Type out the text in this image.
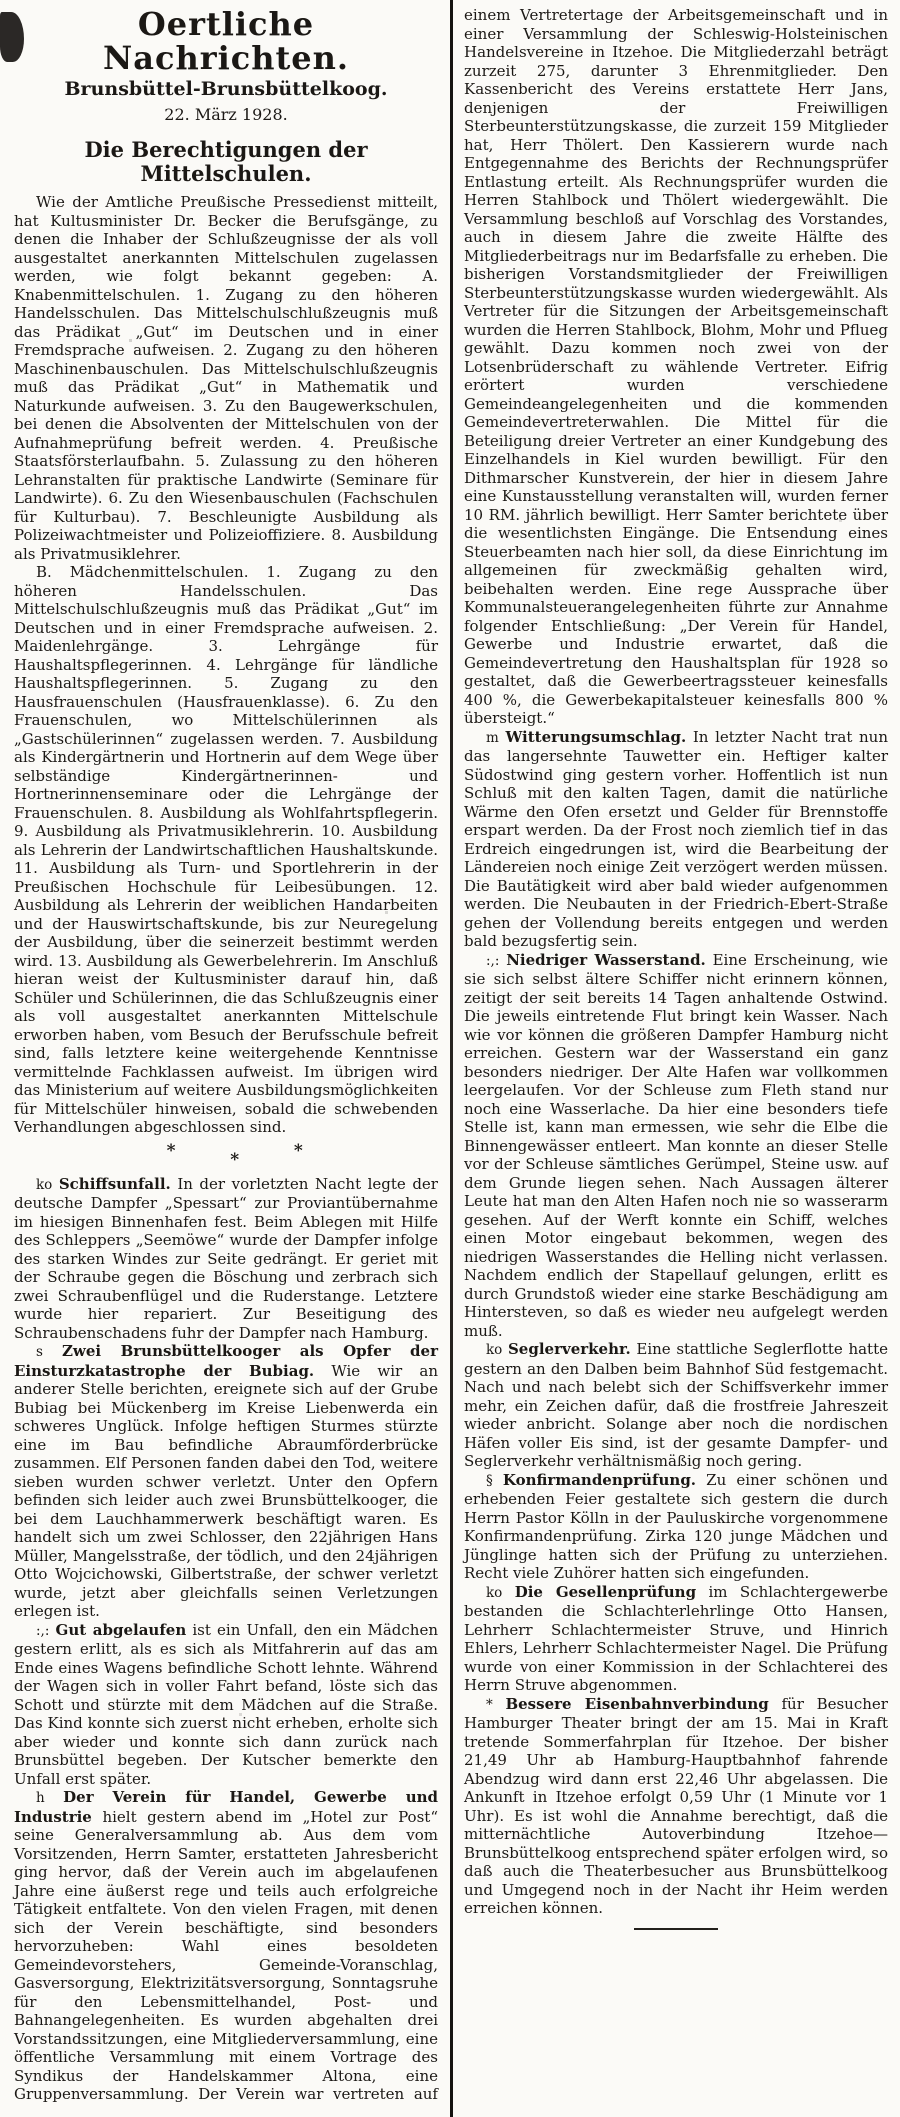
Oertliche Nachrichten.
Brunsbüttel-Brunsbüttelkoog.
22. März 1928.
Die Berechtigungen der Mittelschulen.

Wie der Amtliche Preußische Pressedienst mitteilt, hat Kultusminister Dr. Becker die Berufsgänge, zu denen die Inhaber der Schlußzeugnisse der als voll ausgestaltet anerkannten Mittelschulen zugelassen werden, wie folgt bekannt gegeben: A. Knabenmittelschulen. 1. Zugang zu den höheren Handelsschulen. Das Mittelschulschlußzeugnis muß das Prädikat „Gut“ im Deutschen und in einer Fremdsprache aufweisen. 2. Zugang zu den höheren Maschinenbauschulen. Das Mittelschulschlußzeugnis muß das Prädikat „Gut“ in Mathematik und Naturkunde aufweisen. 3. Zu den Baugewerkschulen, bei denen die Absolventen der Mittelschulen von der Aufnahmeprüfung befreit werden. 4. Preußische Staatsförsterlaufbahn. 5. Zulassung zu den höheren Lehranstalten für praktische Landwirte (Seminare für Landwirte). 6. Zu den Wiesenbauschulen (Fachschulen für Kulturbau). 7. Beschleunigte Ausbildung als Polizeiwachtmeister und Polizeioffiziere. 8. Ausbildung als Privatmusiklehrer.

B. Mädchenmittelschulen. 1. Zugang zu den höheren Handelsschulen. Das Mittelschulschlußzeugnis muß das Prädikat „Gut“ im Deutschen und in einer Fremdsprache aufweisen. 2. Maidenlehrgänge. 3. Lehrgänge für Haushaltspflegerinnen. 4. Lehrgänge für ländliche Haushaltspflegerinnen. 5. Zugang zu den Hausfrauenschulen (Hausfrauenklasse). 6. Zu den Frauenschulen, wo Mittelschülerinnen als „Gastschülerinnen“ zugelassen werden. 7. Ausbildung als Kindergärtnerin und Hortnerin auf dem Wege über selbständige Kindergärtnerinnen- und Hortnerinnenseminare oder die Lehrgänge der Frauenschulen. 8. Ausbildung als Wohlfahrtspflegerin. 9. Ausbildung als Privatmusiklehrerin. 10. Ausbildung als Lehrerin der Landwirtschaftlichen Haushaltskunde. 11. Ausbildung als Turn- und Sportlehrerin in der Preußischen Hochschule für Leibesübungen. 12. Ausbildung als Lehrerin der weiblichen Handarbeiten und der Hauswirtschaftskunde, bis zur Neuregelung der Ausbildung, über die seinerzeit bestimmt werden wird. 13. Ausbildung als Gewerbelehrerin. Im Anschluß hieran weist der Kultusminister darauf hin, daß Schüler und Schülerinnen, die das Schlußzeugnis einer als voll ausgestaltet anerkannten Mittelschule erworben haben, vom Besuch der Berufsschule befreit sind, falls letztere keine weitergehende Kenntnisse vermittelnde Fachklassen aufweist. Im übrigen wird das Ministerium auf weitere Ausbildungsmöglichkeiten für Mittelschüler hinweisen, sobald die schwebenden Verhandlungen abgeschlossen sind.

*	*	*

ko Schiffsunfall. In der vorletzten Nacht legte der deutsche Dampfer „Spessart“ zur Proviantübernahme im hiesigen Binnenhafen fest. Beim Ablegen mit Hilfe des Schleppers „Seemöwe“ wurde der Dampfer infolge des starken Windes zur Seite gedrängt. Er geriet mit der Schraube gegen die Böschung und zerbrach sich zwei Schraubenflügel und die Ruderstange. Letztere wurde hier repariert. Zur Beseitigung des Schraubenschadens fuhr der Dampfer nach Hamburg.

s Zwei Brunsbüttelkooger als Opfer der Einsturzkatastrophe der Bubiag. Wie wir an anderer Stelle berichten, ereignete sich auf der Grube Bubiag bei Mückenberg im Kreise Liebenwerda ein schweres Unglück. Infolge heftigen Sturmes stürzte eine im Bau befindliche Abraumförderbrücke zusammen. Elf Personen fanden dabei den Tod, weitere sieben wurden schwer verletzt. Unter den Opfern befinden sich leider auch zwei Brunsbüttelkooger, die bei dem Lauchhammerwerk beschäftigt waren. Es handelt sich um zwei Schlosser, den 22jährigen Hans Müller, Mangelsstraße, der tödlich, und den 24jährigen Otto Wojcichowski, Gilbertstraße, der schwer verletzt wurde, jetzt aber gleichfalls seinen Verletzungen erlegen ist.

:,: Gut abgelaufen ist ein Unfall, den ein Mädchen gestern erlitt, als es sich als Mitfahrerin auf das am Ende eines Wagens befindliche Schott lehnte. Während der Wagen sich in voller Fahrt befand, löste sich das Schott und stürzte mit dem Mädchen auf die Straße. Das Kind konnte sich zuerst nicht erheben, erholte sich aber wieder und konnte sich dann zurück nach Brunsbüttel begeben. Der Kutscher bemerkte den Unfall erst später.

h Der Verein für Handel, Gewerbe und Industrie hielt gestern abend im „Hotel zur Post“ seine Generalversammlung ab. Aus dem vom Vorsitzenden, Herrn Samter, erstatteten Jahresbericht ging hervor, daß der Verein auch im abgelaufenen Jahre eine äußerst rege und teils auch erfolgreiche Tätigkeit entfaltete. Von den vielen Fragen, mit denen sich der Verein beschäftigte, sind besonders hervorzuheben: Wahl eines besoldeten Gemeindevorstehers, Gemeinde-Voranschlag, Gasversorgung, Elektrizitätsversorgung, Sonntagsruhe für den Lebensmittelhandel, Post- und Bahnangelegenheiten. Es wurden abgehalten drei Vorstandssitzungen, eine Mitgliederversammlung, eine öffentliche Versammlung mit einem Vortrage des Syndikus der Handelskammer Altona, eine Gruppenversammlung. Der Verein war vertreten auf einem Vertretertage der Arbeitsgemeinschaft und in einer Versammlung der Schleswig-Holsteinischen Handelsvereine in Itzehoe. Die Mitgliederzahl beträgt zurzeit 275, darunter 3 Ehrenmitglieder. Den Kassenbericht des Vereins erstattete Herr Jans, denjenigen der Freiwilligen Sterbeunterstützungskasse, die zurzeit 159 Mitglieder hat, Herr Thölert. Den Kassierern wurde nach Entgegennahme des Berichts der Rechnungsprüfer Entlastung erteilt. Als Rechnungsprüfer wurden die Herren Stahlbock und Thölert wiedergewählt. Die Versammlung beschloß auf Vorschlag des Vorstandes, auch in diesem Jahre die zweite Hälfte des Mitgliederbeitrags nur im Bedarfsfalle zu erheben. Die bisherigen Vorstandsmitglieder der Freiwilligen Sterbeunterstützungskasse wurden wiedergewählt. Als Vertreter für die Sitzungen der Arbeitsgemeinschaft wurden die Herren Stahlbock, Blohm, Mohr und Pflueg gewählt. Dazu kommen noch zwei von der Lotsenbrüderschaft zu wählende Vertreter. Eifrig erörtert wurden verschiedene Gemeindeangelegenheiten und die kommenden Gemeindevertreterwahlen. Die Mittel für die Beteiligung dreier Vertreter an einer Kundgebung des Einzelhandels in Kiel wurden bewilligt. Für den Dithmarscher Kunstverein, der hier in diesem Jahre eine Kunstausstellung veranstalten will, wurden ferner 10 RM. jährlich bewilligt. Herr Samter berichtete über die wesentlichsten Eingänge. Die Entsendung eines Steuerbeamten nach hier soll, da diese Einrichtung im allgemeinen für zweckmäßig gehalten wird, beibehalten werden. Eine rege Aussprache über Kommunalsteuerangelegenheiten führte zur Annahme folgender Entschließung: „Der Verein für Handel, Gewerbe und Industrie erwartet, daß die Gemeindevertretung den Haushaltsplan für 1928 so gestaltet, daß die Gewerbeertragssteuer keinesfalls 400 %, die Gewerbekapitalsteuer keinesfalls 800 % übersteigt.“

m Witterungsumschlag. In letzter Nacht trat nun das langersehnte Tauwetter ein. Heftiger kalter Südostwind ging gestern vorher. Hoffentlich ist nun Schluß mit den kalten Tagen, damit die natürliche Wärme den Ofen ersetzt und Gelder für Brennstoffe erspart werden. Da der Frost noch ziemlich tief in das Erdreich eingedrungen ist, wird die Bearbeitung der Ländereien noch einige Zeit verzögert werden müssen. Die Bautätigkeit wird aber bald wieder aufgenommen werden. Die Neubauten in der Friedrich-Ebert-Straße gehen der Vollendung bereits entgegen und werden bald bezugsfertig sein.

:,: Niedriger Wasserstand. Eine Erscheinung, wie sie sich selbst ältere Schiffer nicht erinnern können, zeitigt der seit bereits 14 Tagen anhaltende Ostwind. Die jeweils eintretende Flut bringt kein Wasser. Nach wie vor können die größeren Dampfer Hamburg nicht erreichen. Gestern war der Wasserstand ein ganz besonders niedriger. Der Alte Hafen war vollkommen leergelaufen. Vor der Schleuse zum Fleth stand nur noch eine Wasserlache. Da hier eine besonders tiefe Stelle ist, kann man ermessen, wie sehr die Elbe die Binnengewässer entleert. Man konnte an dieser Stelle vor der Schleuse sämtliches Gerümpel, Steine usw. auf dem Grunde liegen sehen. Nach Aussagen älterer Leute hat man den Alten Hafen noch nie so wasserarm gesehen. Auf der Werft konnte ein Schiff, welches einen Motor eingebaut bekommen, wegen des niedrigen Wasserstandes die Helling nicht verlassen. Nachdem endlich der Stapellauf gelungen, erlitt es durch Grundstoß wieder eine starke Beschädigung am Hintersteven, so daß es wieder neu aufgelegt werden muß.

ko Seglerverkehr. Eine stattliche Seglerflotte hatte gestern an den Dalben beim Bahnhof Süd festgemacht. Nach und nach belebt sich der Schiffsverkehr immer mehr, ein Zeichen dafür, daß die frostfreie Jahreszeit wieder anbricht. Solange aber noch die nordischen Häfen voller Eis sind, ist der gesamte Dampfer- und Seglerverkehr verhältnismäßig noch gering.

§ Konfirmandenprüfung. Zu einer schönen und erhebenden Feier gestaltete sich gestern die durch Herrn Pastor Kölln in der Pauluskirche vorgenommene Konfirmandenprüfung. Zirka 120 junge Mädchen und Jünglinge hatten sich der Prüfung zu unterziehen. Recht viele Zuhörer hatten sich eingefunden.

ko Die Gesellenprüfung im Schlachtergewerbe bestanden die Schlachterlehrlinge Otto Hansen, Lehrherr Schlachtermeister Struve, und Hinrich Ehlers, Lehrherr Schlachtermeister Nagel. Die Prüfung wurde von einer Kommission in der Schlachterei des Herrn Struve abgenommen.

* Bessere Eisenbahnverbindung für Besucher Hamburger Theater bringt der am 15. Mai in Kraft tretende Sommerfahrplan für Itzehoe. Der bisher 21,49 Uhr ab Hamburg-Hauptbahnhof fahrende Abendzug wird dann erst 22,46 Uhr abgelassen. Die Ankunft in Itzehoe erfolgt 0,59 Uhr (1 Minute vor 1 Uhr). Es ist wohl die Annahme berechtigt, daß die mitternächtliche Autoverbindung Itzehoe—Brunsbüttelkoog entsprechend später erfolgen wird, so daß auch die Theaterbesucher aus Brunsbüttelkoog und Umgegend noch in der Nacht ihr Heim werden erreichen können.
